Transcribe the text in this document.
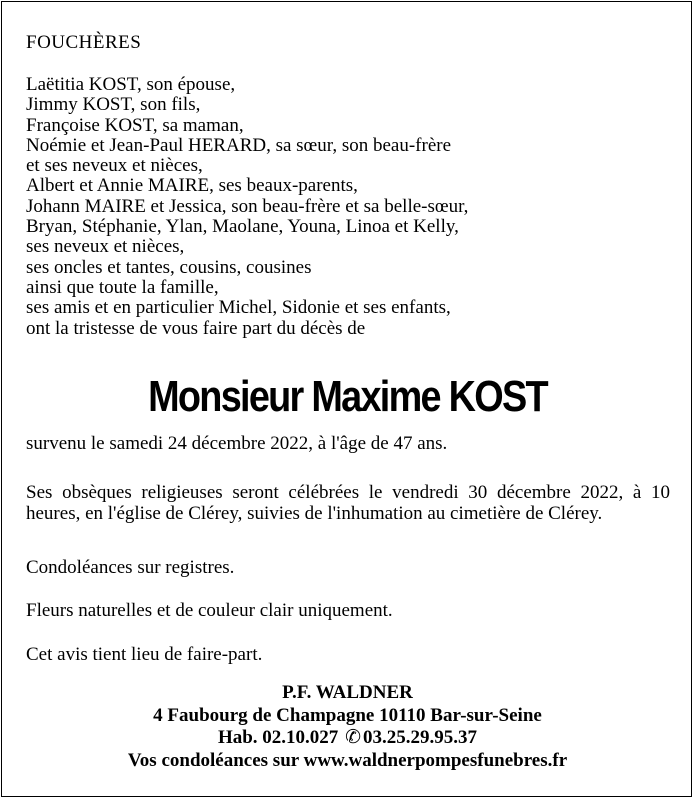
FOUCHÈRES
Laëtitia KOST, son épouse,
Jimmy KOST, son fils,
Françoise KOST, sa maman,
Noémie et Jean-Paul HERARD, sa sœur, son beau-frère
et ses neveux et nièces,
Albert et Annie MAIRE, ses beaux-parents,
Johann MAIRE et Jessica, son beau-frère et sa belle-sœur,
Bryan, Stéphanie, Ylan, Maolane, Youna, Linoa et Kelly,
ses neveux et nièces,
ses oncles et tantes, cousins, cousines
ainsi que toute la famille,
ses amis et en particulier Michel, Sidonie et ses enfants,
ont la tristesse de vous faire part du décès de
Monsieur Maxime KOST

survenu le samedi 24 décembre 2022, à l'âge de 47 ans.

Ses obsèques religieuses seront célébrées le vendredi 30 décembre 2022, à 10 heures, en l'église de Clérey, suivies de l'inhumation au cimetière de Clérey.

Condoléances sur registres.

Fleurs naturelles et de couleur clair uniquement.

Cet avis tient lieu de faire-part.

P.F. WALDNER
4 Faubourg de Champagne 10110 Bar-sur-Seine
Hab. 02.10.027 ✆ 03.25.29.95.37
Vos condoléances sur www.waldnerpompesfunebres.fr
